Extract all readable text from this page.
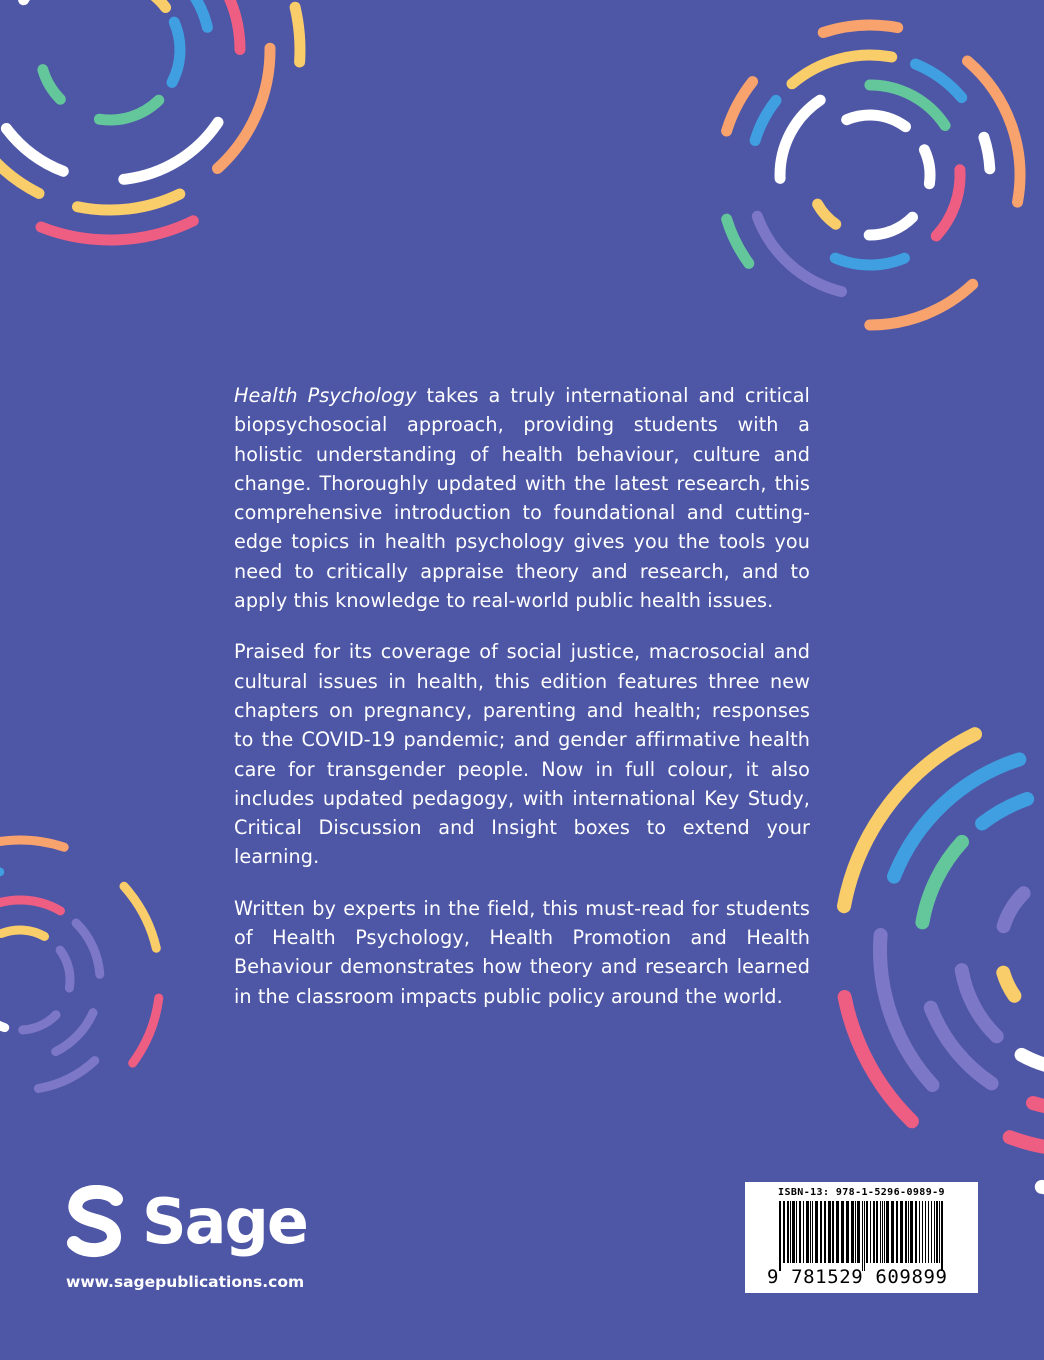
Health Psychology takes a truly international and critical biopsychosocial approach, providing students with a holistic understanding of health behaviour, culture and change. Thoroughly updated with the latest research, this comprehensive introduction to foundational and cutting-edge topics in health psychology gives you the tools you need to critically appraise theory and research, and to apply this knowledge to real-world public health issues.

Praised for its coverage of social justice, macrosocial and cultural issues in health, this edition features three new chapters on pregnancy, parenting and health; responses to the COVID-19 pandemic; and gender affirmative health care for transgender people. Now in full colour, it also includes updated pedagogy, with international Key Study, Critical Discussion and Insight boxes to extend your learning.

Written by experts in the field, this must-read for students of Health Psychology, Health Promotion and Health Behaviour demonstrates how theory and research learned in the classroom impacts public policy around the world.

Sage
www.sagepublications.com
ISBN-13: 978-1-5296-0989-9
9 781529 609899
